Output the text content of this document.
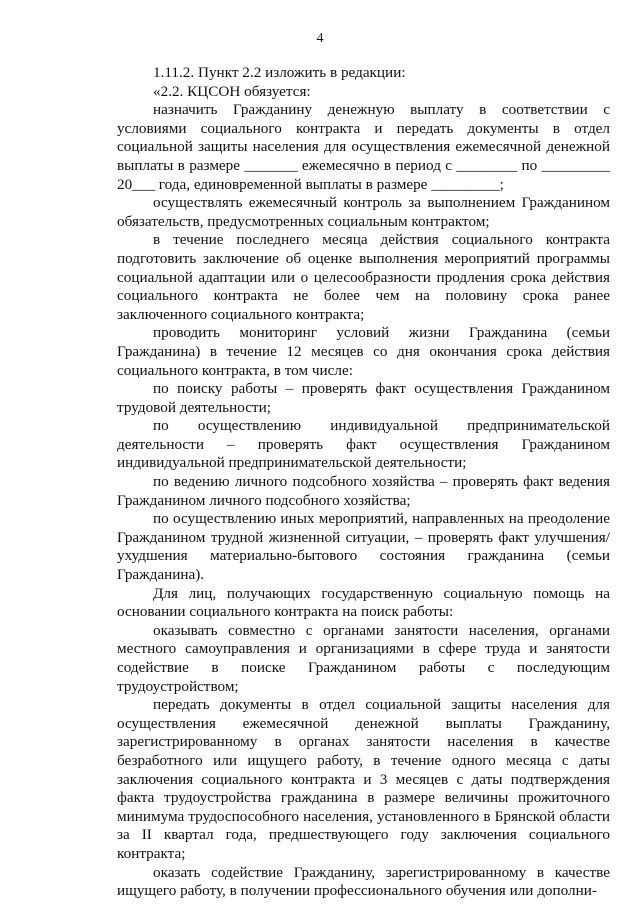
4

1.11.2. Пункт 2.2 изложить в редакции:

«2.2. КЦСОН обязуется:

назначить Гражданину денежную выплату в соответствии с условиями социального контракта и передать документы в отдел социальной защиты населения для осуществления ежемесячной денежной выплаты в размере _______ ежемесячно в период с ________ по _________ 20___ года, единовременной выплаты в размере _________;

осуществлять ежемесячный контроль за выполнением Гражданином обязательств, предусмотренных социальным контрактом;

в течение последнего месяца действия социального контракта подготовить заключение об оценке выполнения мероприятий программы социальной адаптации или о целесообразности продления срока действия социального контракта не более чем на половину срока ранее заключенного социального контракта;

проводить мониторинг условий жизни Гражданина (семьи Гражданина) в течение 12 месяцев со дня окончания срока действия социального контракта, в том числе:

по поиску работы – проверять факт осуществления Гражданином трудовой деятельности;

по осуществлению индивидуальной предпринимательской деятельности – проверять факт осуществления Гражданином индивидуальной предпринимательской деятельности;

по ведению личного подсобного хозяйства – проверять факт ведения Гражданином личного подсобного хозяйства;

по осуществлению иных мероприятий, направленных на преодоление Гражданином трудной жизненной ситуации, – проверять факт улучшения/ухудшения материально-бытового состояния гражданина (семьи Гражданина).

Для лиц, получающих государственную социальную помощь на основании социального контракта на поиск работы:

оказывать совместно с органами занятости населения, органами местного самоуправления и организациями в сфере труда и занятости содействие в поиске Гражданином работы с последующим трудоустройством;

передать документы в отдел социальной защиты населения для осуществления ежемесячной денежной выплаты Гражданину, зарегистрированному в органах занятости населения в качестве безработного или ищущего работу, в течение одного месяца с даты заключения социального контракта и 3 месяцев с даты подтверждения факта трудоустройства гражданина в размере величины прожиточного минимума трудоспособного населения, установленного в Брянской области за II квартал года, предшествующего году заключения социального контракта;

оказать содействие Гражданину, зарегистрированному в качестве ищущего работу, в получении профессионального обучения или дополни-
